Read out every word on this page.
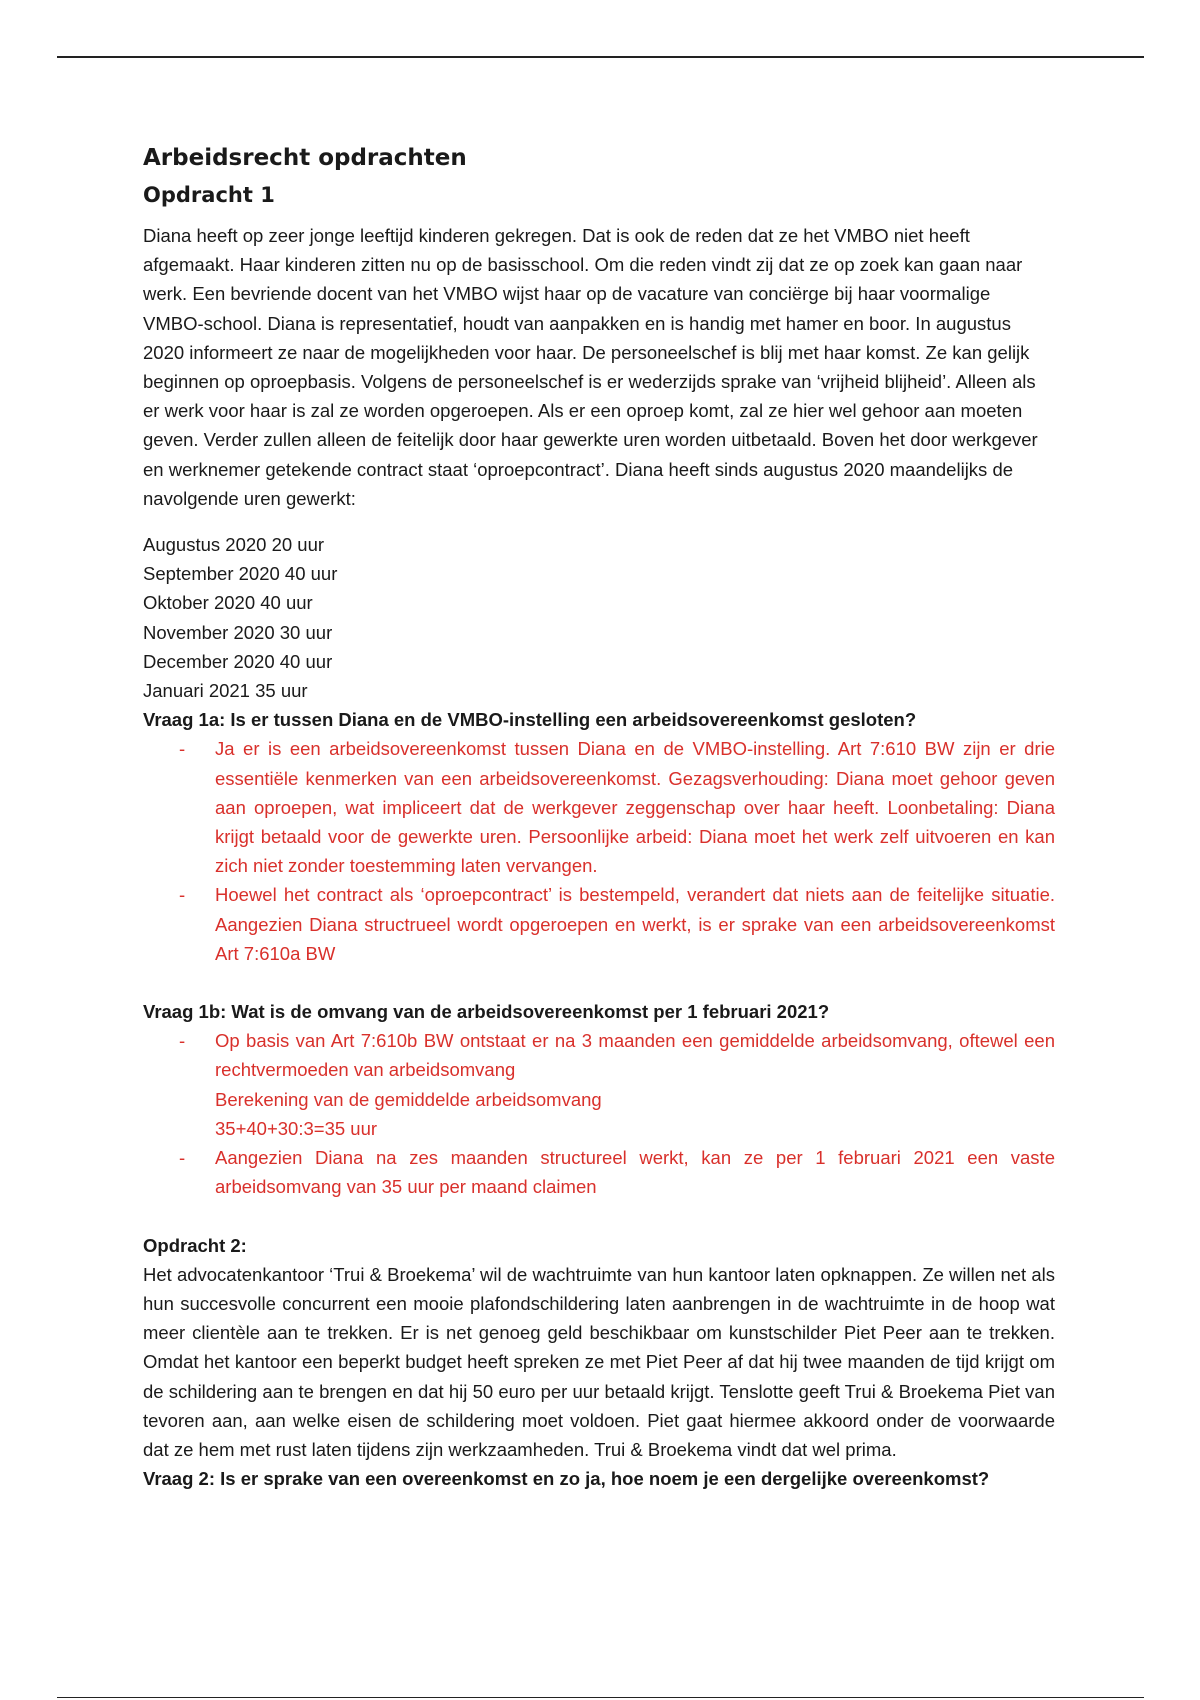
Arbeidsrecht opdrachten
Opdracht 1

Diana heeft op zeer jonge leeftijd kinderen gekregen. Dat is ook de reden dat ze het VMBO niet heeft afgemaakt. Haar kinderen zitten nu op de basisschool. Om die reden vindt zij dat ze op zoek kan gaan naar werk. Een bevriende docent van het VMBO wijst haar op de vacature van conciërge bij haar voormalige VMBO-school. Diana is representatief, houdt van aanpakken en is handig met hamer en boor. In augustus 2020 informeert ze naar de mogelijkheden voor haar. De personeelschef is blij met haar komst. Ze kan gelijk beginnen op oproepbasis. Volgens de personeelschef is er wederzijds sprake van ‘vrijheid blijheid’. Alleen als er werk voor haar is zal ze worden opgeroepen. Als er een oproep komt, zal ze hier wel gehoor aan moeten geven. Verder zullen alleen de feitelijk door haar gewerkte uren worden uitbetaald. Boven het door werkgever en werknemer getekende contract staat ‘oproepcontract’. Diana heeft sinds augustus 2020 maandelijks de navolgende uren gewerkt:

Augustus 2020 20 uur
September 2020 40 uur
Oktober 2020 40 uur
November 2020 30 uur
December 2020 40 uur
Januari 2021 35 uur
Vraag 1a: Is er tussen Diana en de VMBO-instelling een arbeidsovereenkomst gesloten?
- Ja er is een arbeidsovereenkomst tussen Diana en de VMBO-instelling. Art 7:610 BW zijn er drie essentiële kenmerken van een arbeidsovereenkomst. Gezagsverhouding: Diana moet gehoor geven aan oproepen, wat impliceert dat de werkgever zeggenschap over haar heeft. Loonbetaling: Diana krijgt betaald voor de gewerkte uren. Persoonlijke arbeid: Diana moet het werk zelf uitvoeren en kan zich niet zonder toestemming laten vervangen.
- Hoewel het contract als ‘oproepcontract’ is bestempeld, verandert dat niets aan de feitelijke situatie. Aangezien Diana structrueel wordt opgeroepen en werkt, is er sprake van een arbeidsovereenkomst Art 7:610a BW
Vraag 1b: Wat is de omvang van de arbeidsovereenkomst per 1 februari 2021?
- Op basis van Art 7:610b BW ontstaat er na 3 maanden een gemiddelde arbeidsomvang, oftewel een rechtvermoeden van arbeidsomvang
Berekening van de gemiddelde arbeidsomvang
35+40+30:3=35 uur
- Aangezien Diana na zes maanden structureel werkt, kan ze per 1 februari 2021 een vaste arbeidsomvang van 35 uur per maand claimen
Opdracht 2:

Het advocatenkantoor ‘Trui & Broekema’ wil de wachtruimte van hun kantoor laten opknappen. Ze willen net als hun succesvolle concurrent een mooie plafondschildering laten aanbrengen in de wachtruimte in de hoop wat meer clientèle aan te trekken. Er is net genoeg geld beschikbaar om kunstschilder Piet Peer aan te trekken. Omdat het kantoor een beperkt budget heeft spreken ze met Piet Peer af dat hij twee maanden de tijd krijgt om de schildering aan te brengen en dat hij 50 euro per uur betaald krijgt. Tenslotte geeft Trui & Broekema Piet van tevoren aan, aan welke eisen de schildering moet voldoen. Piet gaat hiermee akkoord onder de voorwaarde dat ze hem met rust laten tijdens zijn werkzaamheden. Trui & Broekema vindt dat wel prima.

Vraag 2: Is er sprake van een overeenkomst en zo ja, hoe noem je een dergelijke overeenkomst?
